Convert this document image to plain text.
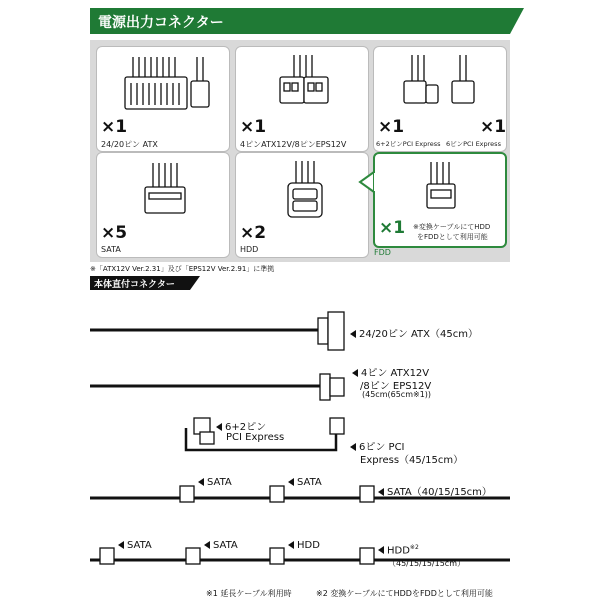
電源出力コネクター
×1
24/20ピン ATX
×1
4ピンATX12V/8ピンEPS12V
×1	×1
6+2ピンPCI Express 6ピンPCI Express
×5
SATA
×2
HDD
×1 ※変換ケーブルにてHDD
をFDDとして利用可能
FDD
※「ATX12V Ver.2.31」及び「EPS12V Ver.2.91」に準拠
本体直付コネクター
24/20ピン ATX（45cm）
4ピン ATX12V
/8ピン EPS12V
(45cm(65cm※1))
6+2ピン
PCI Express
6ピン PCI
Express（45/15cm）
SATA	SATA
SATA（40/15/15cm）
SATA	SATA	HDD	HDD$^{※2}$
（45/15/15/15cm）
※1 延長ケーブル利用時	※2 変換ケーブルにてHDDをFDDとして利用可能
